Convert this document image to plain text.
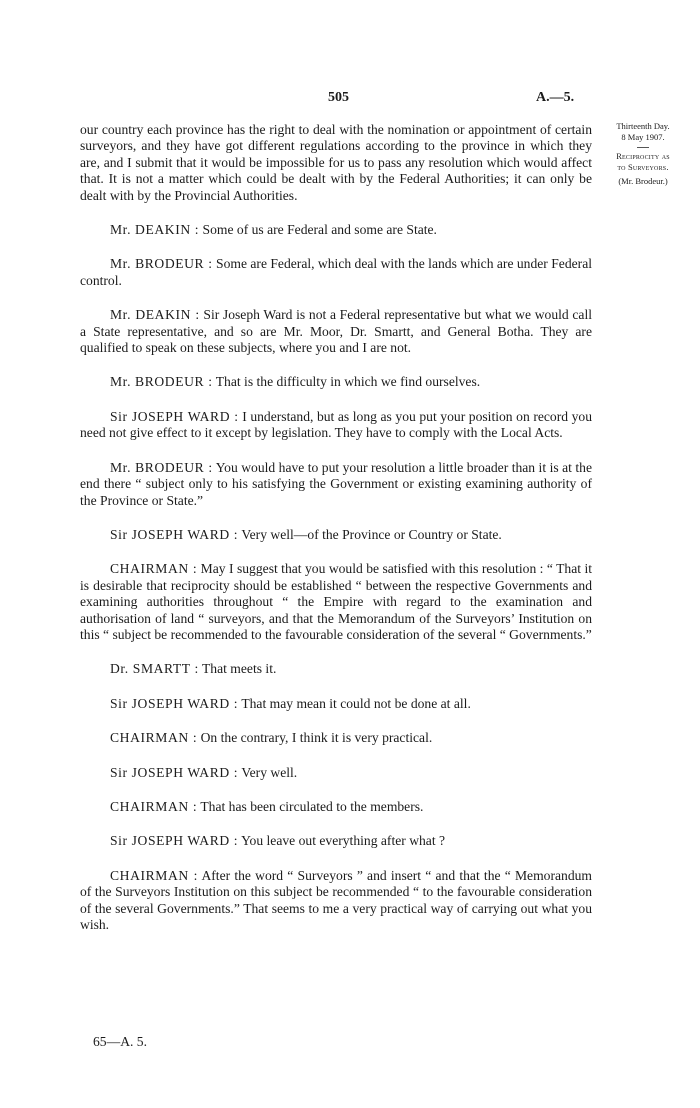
505	A.—5.
Thirteenth Day.
8 May 1907.
Reciprocity as
to Surveyors.
(Mr. Brodeur.)

our country each province has the right to deal with the nomination or appointment of certain surveyors, and they have got different regulations according to the province in which they are, and I submit that it would be impossible for us to pass any resolution which would affect that. It is not a matter which could be dealt with by the Federal Authorities; it can only be dealt with by the Provincial Authorities.

Mr. DEAKIN : Some of us are Federal and some are State.

Mr. BRODEUR : Some are Federal, which deal with the lands which are under Federal control.

Mr. DEAKIN : Sir Joseph Ward is not a Federal representative but what we would call a State representative, and so are Mr. Moor, Dr. Smartt, and General Botha. They are qualified to speak on these subjects, where you and I are not.

Mr. BRODEUR : That is the difficulty in which we find ourselves.

Sir JOSEPH WARD : I understand, but as long as you put your position on record you need not give effect to it except by legislation. They have to comply with the Local Acts.

Mr. BRODEUR : You would have to put your resolution a little broader than it is at the end there “ subject only to his satisfying the Government or existing examining authority of the Province or State.”

Sir JOSEPH WARD : Very well—of the Province or Country or State.

CHAIRMAN : May I suggest that you would be satisfied with this resolution : “ That it is desirable that reciprocity should be established “ between the respective Governments and examining authorities throughout “ the Empire with regard to the examination and authorisation of land “ surveyors, and that the Memorandum of the Surveyors’ Institution on this “ subject be recommended to the favourable consideration of the several “ Governments.”

Dr. SMARTT : That meets it.

Sir JOSEPH WARD : That may mean it could not be done at all.

CHAIRMAN : On the contrary, I think it is very practical.

Sir JOSEPH WARD : Very well.

CHAIRMAN : That has been circulated to the members.

Sir JOSEPH WARD : You leave out everything after what ?

CHAIRMAN : After the word “ Surveyors ” and insert “ and that the “ Memorandum of the Surveyors Institution on this subject be recommended “ to the favourable consideration of the several Governments.” That seems to me a very practical way of carrying out what you wish.

65—A. 5.
